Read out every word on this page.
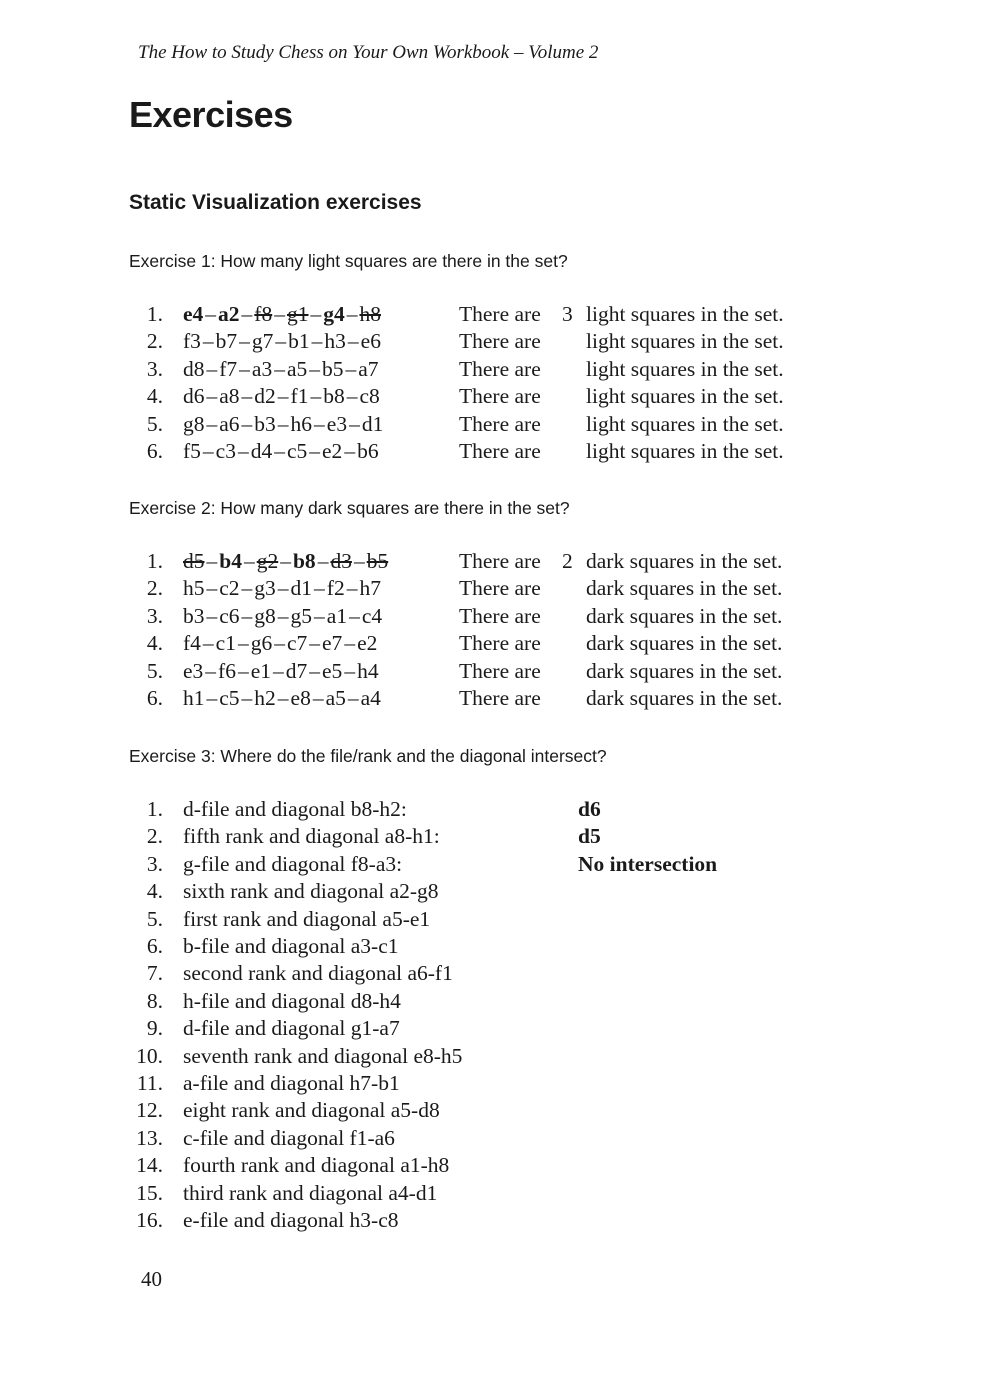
The How to Study Chess on Your Own Workbook – Volume 2
Exercises
Static Visualization exercises
Exercise 1: How many light squares are there in the set?
Exercise 2: How many dark squares are there in the set?
Exercise 3: Where do the file/rank and the diagonal intersect?
1. e4–a2–f8–g1–g4–h8	There are 3 light squares in the set.
2. f3–b7–g7–b1–h3–e6	There are light squares in the set.
3. d8–f7–a3–a5–b5–a7	There are light squares in the set.
4. d6–a8–d2–f1–b8–c8	There are light squares in the set.
5. g8–a6–b3–h6–e3–d1	There are light squares in the set.
6. f5–c3–d4–c5–e2–b6	There are light squares in the set.
1. d5–b4–g2–b8–d3–b5	There are 2 dark squares in the set.
2. h5–c2–g3–d1–f2–h7	There are dark squares in the set.
3. b3–c6–g8–g5–a1–c4	There are dark squares in the set.
4. f4–c1–g6–c7–e7–e2	There are dark squares in the set.
5. e3–f6–e1–d7–e5–h4	There are dark squares in the set.
6. h1–c5–h2–e8–a5–a4	There are dark squares in the set.
1. d-file and diagonal b8-h2:	d6
2. fifth rank and diagonal a8-h1:	d5
3. g-file and diagonal f8-a3:	No intersection
4. sixth rank and diagonal a2-g8
5. first rank and diagonal a5-e1
6. b-file and diagonal a3-c1
7. second rank and diagonal a6-f1
8. h-file and diagonal d8-h4
9. d-file and diagonal g1-a7
10. seventh rank and diagonal e8-h5
11. a-file and diagonal h7-b1
12. eight rank and diagonal a5-d8
13. c-file and diagonal f1-a6
14. fourth rank and diagonal a1-h8
15. third rank and diagonal a4-d1
16. e-file and diagonal h3-c8
40
